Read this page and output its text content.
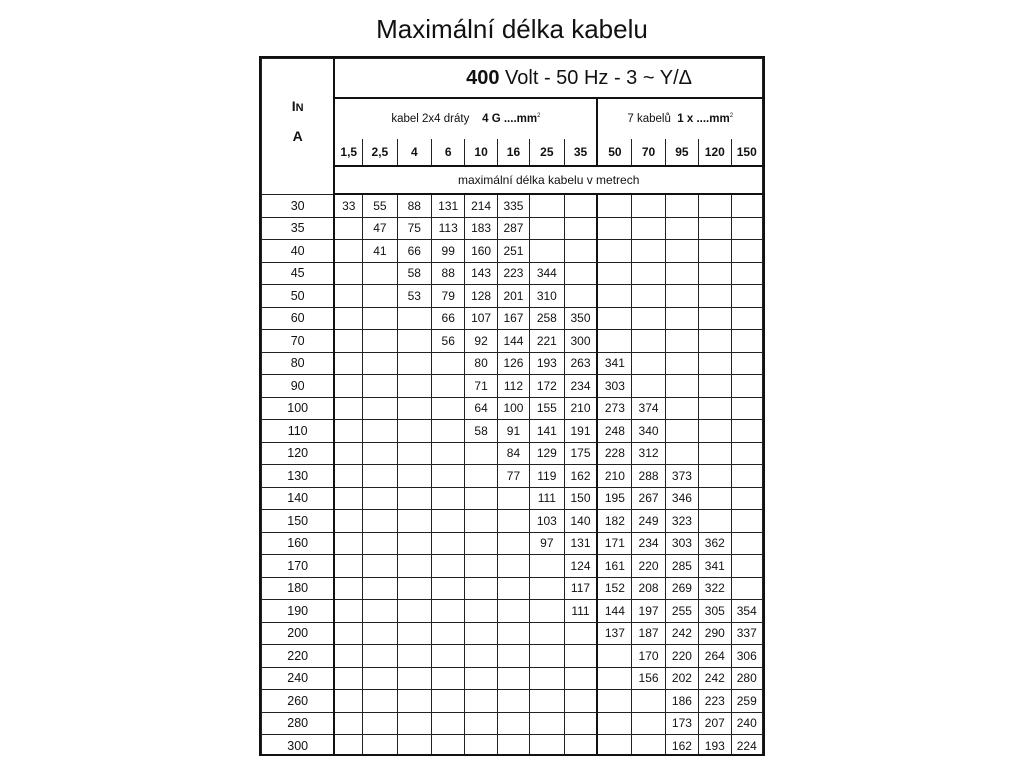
Maximální délka kabelu
IN
A	400 Volt - 50 Hz - 3 ~ Y/Δ												
	kabel 2x4 dráty 4 G $....mm^2$								7 kabelů 1 x $....mm^2$
	1,5	2,5	4	6	10	16	25	35	50	70	95	120	150
	maximální délka kabelu v metrech												
30	33	55	88	131	214	335							
35		47	75	113	183	287							
40		41	66	99	160	251							
45			58	88	143	223	344						
50			53	79	128	201	310						
60				66	107	167	258	350					
70				56	92	144	221	300					
80					80	126	193	263	341				
90					71	112	172	234	303				
100					64	100	155	210	273	374			
110					58	91	141	191	248	340			
120						84	129	175	228	312			
130						77	119	162	210	288	373		
140							111	150	195	267	346		
150							103	140	182	249	323		
160							97	131	171	234	303	362	
170								124	161	220	285	341	
180								117	152	208	269	322	
190								111	144	197	255	305	354
200									137	187	242	290	337
220										170	220	264	306
240										156	202	242	280
260											186	223	259
280											173	207	240
300											162	193	224
